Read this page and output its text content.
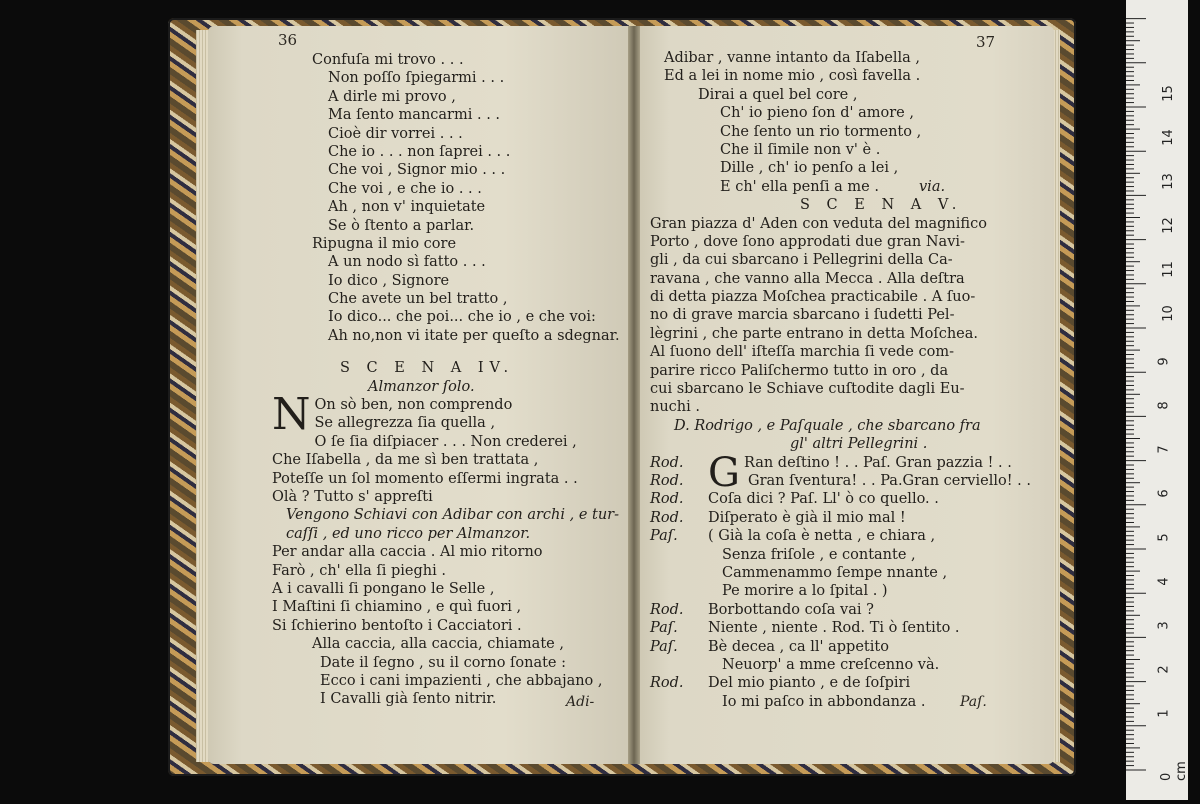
36	37
Confuſa mi trovo . . .
Non poſſo ſpiegarmi . . .
A dirle mi provo ,
Ma ſento mancarmi . . .
Cioè dir vorrei . . .
Che io . . . non ſaprei . . .
Che voi , Signor mio . . .
Che voi , e che io . . .
Ah , non v' inquietate
Se ò ſtento a parlar.
Ripugna il mio core
A un nodo sì fatto . . .
Io dico , Signore
Che avete un bel tratto ,
Io dico... che poi... che io , e che voi:
Ah no,non vi itate per queſto a sdegnar.
S C E N A IV.
Almanzor ſolo.
N On sò ben, non comprendo
Se allegrezza ſia quella ,
O ſe ſia diſpiacer . . . Non crederei ,
Che Iſabella , da me sì ben trattata ,
Poteſſe un ſol momento eſſermi ingrata . .
Olà ? Tutto s' appreſti
Vengono Schiavi con Adibar con archi , e tur-
caſſi , ed uno ricco per Almanzor.
Per andar alla caccia . Al mio ritorno
Farò , ch' ella ſi pieghi .
A i cavalli ſi pongano le Selle ,
I Maſtini ſi chiamino , e quì fuori ,
Si ſchierino bentoſto i Cacciatori .
Alla caccia, alla caccia, chiamate ,
Date il ſegno , su il corno ſonate :
Ecco i cani impazienti , che abbajano ,
I Cavalli già ſento nitrir.	Adi-
Adibar , vanne intanto da Iſabella ,
Ed a lei in nome mio , così favella .
Dirai a quel bel core ,
Ch' io pieno ſon d' amore ,
Che ſento un rio tormento ,
Che il ſimile non v' è .
Dille , ch' io penſo a lei ,
E ch' ella penſi a me .	via.
S C E N A V.
Gran piazza d' Aden con veduta del magnifico
Porto , dove ſono approdati due gran Navi-
gli , da cui sbarcano i Pellegrini della Ca-
ravana , che vanno alla Mecca . Alla deſtra
di detta piazza Moſchea practicabile . A ſuo-
no di grave marcia sbarcano i ſudetti Pel-
lègrini , che parte entrano in detta Moſchea.
Al ſuono dell' iſteſſa marchia ſi vede com-
parire ricco Paliſchermo tutto in oro , da
cui sbarcano le Schiave cuſtodite dagli Eu-
nuchi .
D. Rodrigo , e Paſquale , che sbarcano fra
gl' altri Pellegrini .
Rod. G Ran deſtino ! . . Paſ. Gran pazzia ! . .
Rod.	Gran ſventura! . . Pa.Gran cerviello! . .
Rod.	Coſa dici ? Paſ. Ll' ò co quello. .
Rod.	Diſperato è già il mio mal !
Paſ.	( Già la coſa è netta , e chiara ,
Senza friſole , e contante ,
Cammenammo ſempe nnante ,
Pe morire a lo ſpital . )
Rod.	Borbottando coſa vai ?
Paſ.	Niente , niente . Rod. Ti ò ſentito .
Paſ.	Bè decea , ca ll' appetito
Neuorp' a mme creſcenno và.
Rod.	Del mio pianto , e de ſoſpiri
Io mi paſco in abbondanza . Paſ.
0 cm
1
2
3
4
5
6
7
8
9
10
11
12
13
14
15
